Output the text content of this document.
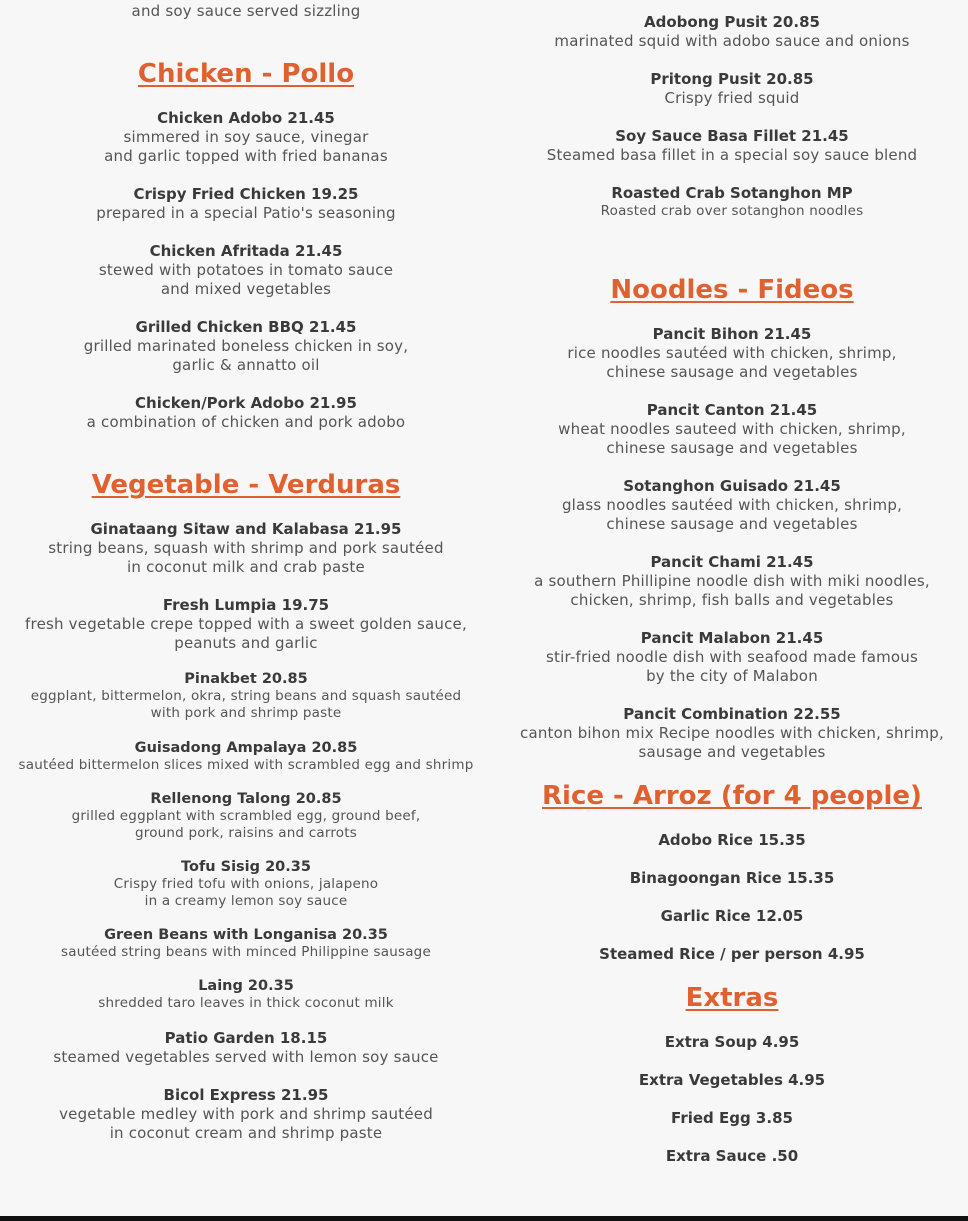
and soy sauce served sizzling
Chicken - Pollo
Chicken Adobo 21.45
simmered in soy sauce, vinegar
and garlic topped with fried bananas
Crispy Fried Chicken 19.25
prepared in a special Patio's seasoning
Chicken Afritada 21.45
stewed with potatoes in tomato sauce
and mixed vegetables
Grilled Chicken BBQ 21.45
grilled marinated boneless chicken in soy,
garlic & annatto oil
Chicken/Pork Adobo 21.95
a combination of chicken and pork adobo
Vegetable - Verduras
Ginataang Sitaw and Kalabasa 21.95
string beans, squash with shrimp and pork sautéed
in coconut milk and crab paste
Fresh Lumpia 19.75
fresh vegetable crepe topped with a sweet golden sauce,
peanuts and garlic
Pinakbet 20.85
eggplant, bittermelon, okra, string beans and squash sautéed
with pork and shrimp paste
Guisadong Ampalaya 20.85
sautéed bittermelon slices mixed with scrambled egg and shrimp
Rellenong Talong 20.85
grilled eggplant with scrambled egg, ground beef,
ground pork, raisins and carrots
Tofu Sisig 20.35
Crispy fried tofu with onions, jalapeno
in a creamy lemon soy sauce
Green Beans with Longanisa 20.35
sautéed string beans with minced Philippine sausage
Laing 20.35
shredded taro leaves in thick coconut milk
Patio Garden 18.15
steamed vegetables served with lemon soy sauce
Bicol Express 21.95
vegetable medley with pork and shrimp sautéed
in coconut cream and shrimp paste
Adobong Pusit 20.85
marinated squid with adobo sauce and onions
Pritong Pusit 20.85
Crispy fried squid
Soy Sauce Basa Fillet 21.45
Steamed basa fillet in a special soy sauce blend
Roasted Crab Sotanghon MP
Roasted crab over sotanghon noodles
Noodles - Fideos
Pancit Bihon 21.45
rice noodles sautéed with chicken, shrimp,
chinese sausage and vegetables
Pancit Canton 21.45
wheat noodles sauteed with chicken, shrimp,
chinese sausage and vegetables
Sotanghon Guisado 21.45
glass noodles sautéed with chicken, shrimp,
chinese sausage and vegetables
Pancit Chami 21.45
a southern Phillipine noodle dish with miki noodles,
chicken, shrimp, fish balls and vegetables
Pancit Malabon 21.45
stir-fried noodle dish with seafood made famous
by the city of Malabon
Pancit Combination 22.55
canton bihon mix Recipe noodles with chicken, shrimp,
sausage and vegetables
Rice - Arroz (for 4 people)
Adobo Rice 15.35
Binagoongan Rice 15.35
Garlic Rice 12.05
Steamed Rice / per person 4.95
Extras
Extra Soup 4.95
Extra Vegetables 4.95
Fried Egg 3.85
Extra Sauce .50
